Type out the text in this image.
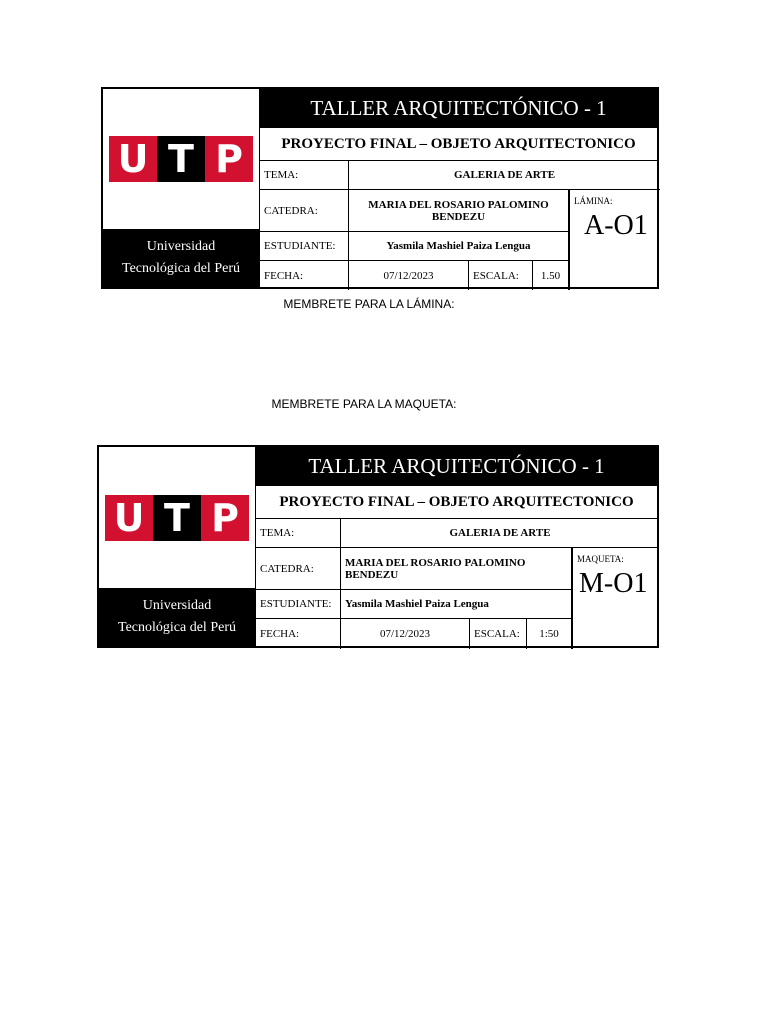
U T P
Universidad
Tecnológica del Perú
TALLER ARQUITECTÓNICO - 1
PROYECTO FINAL – OBJETO ARQUITECTONICO
TEMA:	GALERIA DE ARTE
CATEDRA:	MARIA DEL ROSARIO PALOMINO BENDEZU
ESTUDIANTE:	Yasmila Mashiel Paiza Lengua
FECHA:	07/12/2023	ESCALA:	1.50
LÁMINA:
A-O1
MEMBRETE PARA LA LÁMINA:
MEMBRETE PARA LA MAQUETA:
U T P
Universidad
Tecnológica del Perú
TALLER ARQUITECTÓNICO - 1
PROYECTO FINAL – OBJETO ARQUITECTONICO
TEMA:	GALERIA DE ARTE
CATEDRA:	MARIA DEL ROSARIO PALOMINO BENDEZU
ESTUDIANTE:	Yasmila Mashiel Paiza Lengua
FECHA:	07/12/2023	ESCALA:	1:50
MAQUETA:
M-O1
